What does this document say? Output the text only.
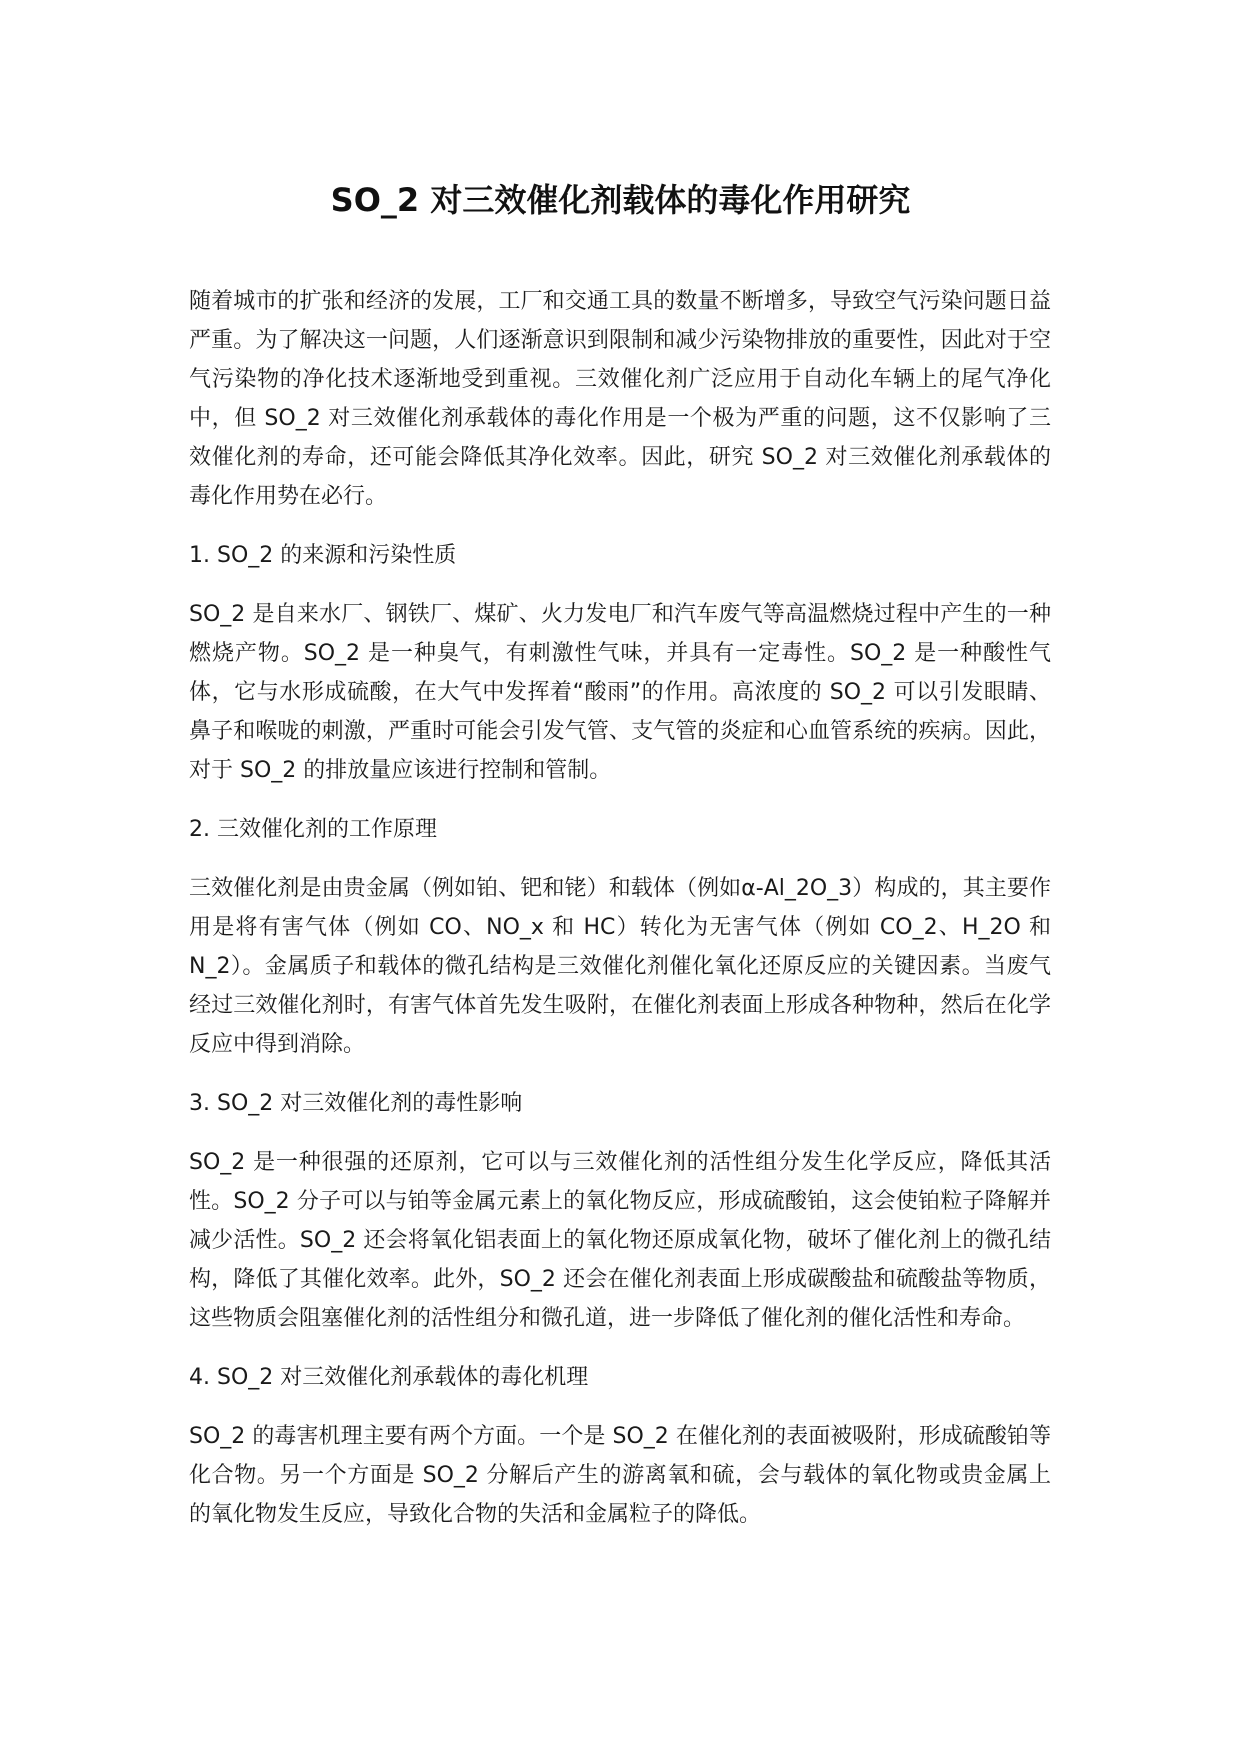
SO_2 对三效催化剂载体的毒化作用研究

随着城市的扩张和经济的发展，工厂和交通工具的数量不断增多，导致空气污染问题日益严重。为了解决这一问题，人们逐渐意识到限制和减少污染物排放的重要性，因此对于空气污染物的净化技术逐渐地受到重视。三效催化剂广泛应用于自动化车辆上的尾气净化中，但 SO_2 对三效催化剂承载体的毒化作用是一个极为严重的问题，这不仅影响了三效催化剂的寿命，还可能会降低其净化效率。因此，研究 SO_2 对三效催化剂承载体的毒化作用势在必行。

1. SO_2 的来源和污染性质

SO_2 是自来水厂、钢铁厂、煤矿、火力发电厂和汽车废气等高温燃烧过程中产生的一种燃烧产物。SO_2 是一种臭气，有刺激性气味，并具有一定毒性。SO_2 是一种酸性气体，它与水形成硫酸，在大气中发挥着“酸雨”的作用。高浓度的 SO_2 可以引发眼睛、鼻子和喉咙的刺激，严重时可能会引发气管、支气管的炎症和心血管系统的疾病。因此，对于 SO_2 的排放量应该进行控制和管制。

2. 三效催化剂的工作原理

三效催化剂是由贵金属（例如铂、钯和铑）和载体（例如α-Al_2O_3）构成的，其主要作用是将有害气体（例如 CO、NO_x 和 HC）转化为无害气体（例如 CO_2、H_2O 和 N_2）。金属质子和载体的微孔结构是三效催化剂催化氧化还原反应的关键因素。当废气经过三效催化剂时，有害气体首先发生吸附，在催化剂表面上形成各种物种，然后在化学反应中得到消除。

3. SO_2 对三效催化剂的毒性影响

SO_2 是一种很强的还原剂，它可以与三效催化剂的活性组分发生化学反应，降低其活性。SO_2 分子可以与铂等金属元素上的氧化物反应，形成硫酸铂，这会使铂粒子降解并减少活性。SO_2 还会将氧化铝表面上的氧化物还原成氧化物，破坏了催化剂上的微孔结构，降低了其催化效率。此外，SO_2 还会在催化剂表面上形成碳酸盐和硫酸盐等物质，这些物质会阻塞催化剂的活性组分和微孔道，进一步降低了催化剂的催化活性和寿命。

4. SO_2 对三效催化剂承载体的毒化机理

SO_2 的毒害机理主要有两个方面。一个是 SO_2 在催化剂的表面被吸附，形成硫酸铂等化合物。另一个方面是 SO_2 分解后产生的游离氧和硫，会与载体的氧化物或贵金属上的氧化物发生反应，导致化合物的失活和金属粒子的降低。
